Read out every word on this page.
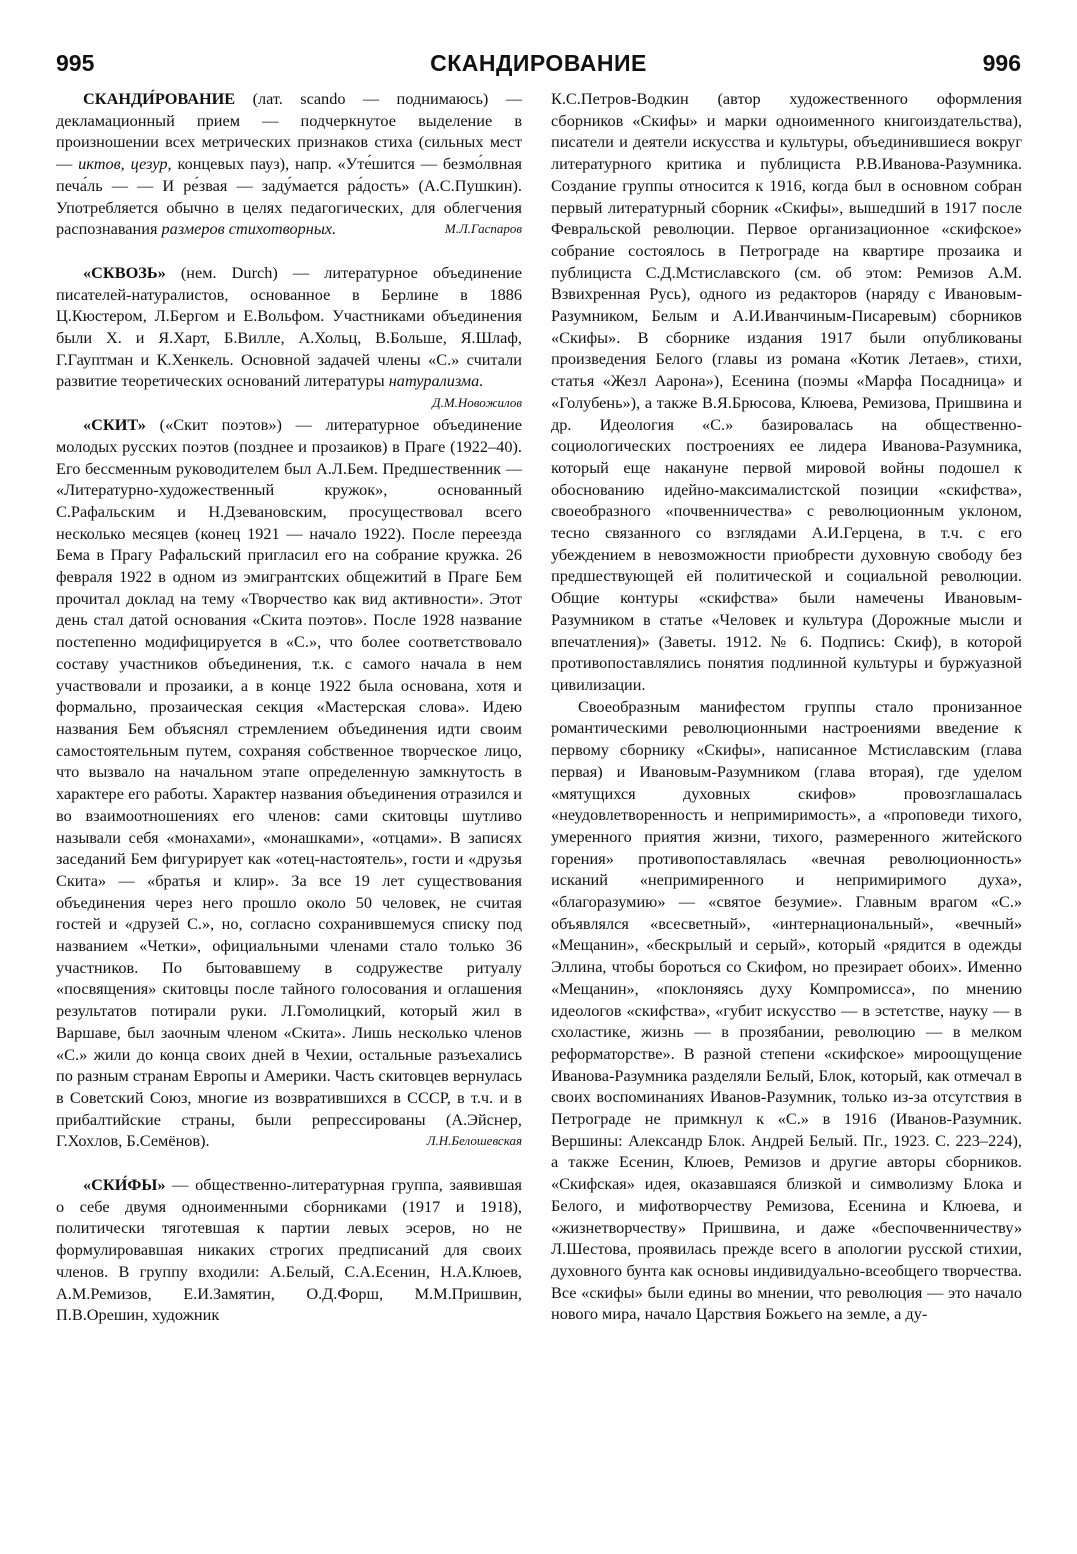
995	СКАНДИРОВАНИЕ	996

СКАНДИ́РОВАНИЕ (лат. scando — поднимаюсь) — декламационный прием — подчеркнутое выделение в произношении всех метрических признаков стиха (сильных мест — иктов, цезур, концевых пауз), напр. «Уте́шится — безмо́лвная печа́ль — — И ре́звая — заду́мается ра́дость» (А.С.Пушкин). Употребляется обычно в целях педагогических, для облегчения распознавания размеров стихотворных.	М.Л.Гаспаров

«СКВОЗЬ» (нем. Durch) — литературное объединение писателей-натуралистов, основанное в Берлине в 1886 Ц.Кюстером, Л.Бергом и Е.Вольфом. Участниками объединения были Х. и Я.Харт, Б.Вилле, А.Хольц, В.Больше, Я.Шлаф, Г.Гауптман и К.Хенкель. Основной задачей члены «С.» считали развитие теоретических оснований литературы натурализма.
Д.М.Новожилов

«СКИТ» («Скит поэтов») — литературное объединение молодых русских поэтов (позднее и прозаиков) в Праге (1922–40). Его бессменным руководителем был А.Л.Бем. Предшественник — «Литературно-художественный кружок», основанный С.Рафальским и Н.Дзевановским, просуществовал всего несколько месяцев (конец 1921 — начало 1922). После переезда Бема в Прагу Рафальский пригласил его на собрание кружка. 26 февраля 1922 в одном из эмигрантских общежитий в Праге Бем прочитал доклад на тему «Творчество как вид активности». Этот день стал датой основания «Скита поэтов». После 1928 название постепенно модифицируется в «С.», что более соответствовало составу участников объединения, т.к. с самого начала в нем участвовали и прозаики, а в конце 1922 была основана, хотя и формально, прозаическая секция «Мастерская слова». Идею названия Бем объяснял стремлением объединения идти своим самостоятельным путем, сохраняя собственное творческое лицо, что вызвало на начальном этапе определенную замкнутость в характере его работы. Характер названия объединения отразился и во взаимоотношениях его членов: сами скитовцы шутливо называли себя «монахами», «монашками», «отцами». В записях заседаний Бем фигурирует как «отец-настоятель», гости и «друзья Скита» — «братья и клир». За все 19 лет существования объединения через него прошло около 50 человек, не считая гостей и «друзей С.», но, согласно сохранившемуся списку под названием «Четки», официальными членами стало только 36 участников. По бытовавшему в содружестве ритуалу «посвящения» скитовцы после тайного голосования и оглашения результатов потирали руки. Л.Гомолицкий, который жил в Варшаве, был заочным членом «Скита». Лишь несколько членов «С.» жили до конца своих дней в Чехии, остальные разъехались по разным странам Европы и Америки. Часть скитовцев вернулась в Советский Союз, многие из возвратившихся в СССР, в т.ч. и в прибалтийские страны, были репрессированы (А.Эйснер, Г.Хохлов, Б.Семёнов).	Л.Н.Белошевская

«СКИ́ФЫ» — общественно-литературная группа, заявившая о себе двумя одноименными сборниками (1917 и 1918), политически тяготевшая к партии левых эсеров, но не формулировавшая никаких строгих предписаний для своих членов. В группу входили: А.Белый, С.А.Есенин, Н.А.Клюев, А.М.Ремизов, Е.И.Замятин, О.Д.Форш, М.М.Пришвин, П.В.Орешин, художник

К.С.Петров-Водкин (автор художественного оформления сборников «Скифы» и марки одноименного книгоиздательства), писатели и деятели искусства и культуры, объединившиеся вокруг литературного критика и публициста Р.В.Иванова-Разумника. Создание группы относится к 1916, когда был в основном собран первый литературный сборник «Скифы», вышедший в 1917 после Февральской революции. Первое организационное «скифское» собрание состоялось в Петрограде на квартире прозаика и публициста С.Д.Мстиславского (см. об этом: Ремизов А.М. Взвихренная Русь), одного из редакторов (наряду с Ивановым-Разумником, Белым и А.И.Иванчиным-Писаревым) сборников «Скифы». В сборнике издания 1917 были опубликованы произведения Белого (главы из романа «Котик Летаев», стихи, статья «Жезл Аарона»), Есенина (поэмы «Марфа Посадница» и «Голубень»), а также В.Я.Брюсова, Клюева, Ремизова, Пришвина и др. Идеология «С.» базировалась на общественно-социологических построениях ее лидера Иванова-Разумника, который еще накануне первой мировой войны подошел к обоснованию идейно-максималистской позиции «скифства», своеобразного «почвенничества» с революционным уклоном, тесно связанного со взглядами А.И.Герцена, в т.ч. с его убеждением в невозможности приобрести духовную свободу без предшествующей ей политической и социальной революции. Общие контуры «скифства» были намечены Ивановым-Разумником в статье «Человек и культура (Дорожные мысли и впечатления)» (Заветы. 1912. № 6. Подпись: Скиф), в которой противопоставлялись понятия подлинной культуры и буржуазной цивилизации.

Своеобразным манифестом группы стало пронизанное романтическими революционными настроениями введение к первому сборнику «Скифы», написанное Мстиславским (глава первая) и Ивановым-Разумником (глава вторая), где уделом «мятущихся духовных скифов» провозглашалась «неудовлетворенность и непримиримость», а «проповеди тихого, умеренного приятия жизни, тихого, размеренного житейского горения» противопоставлялась «вечная революционность» исканий «непримиренного и непримиримого духа», «благоразумию» — «святое безумие». Главным врагом «С.» объявлялся «всесветный», «интернациональный», «вечный» «Мещанин», «бескрылый и серый», который «рядится в одежды Эллина, чтобы бороться со Скифом, но презирает обоих». Именно «Мещанин», «поклоняясь духу Компромисса», по мнению идеологов «скифства», «губит искусство — в эстетстве, науку — в схоластике, жизнь — в прозябании, революцию — в мелком реформаторстве». В разной степени «скифское» мироощущение Иванова-Разумника разделяли Белый, Блок, который, как отмечал в своих воспоминаниях Иванов-Разумник, только из-за отсутствия в Петрограде не примкнул к «С.» в 1916 (Иванов-Разумник. Вершины: Александр Блок. Андрей Белый. Пг., 1923. С. 223–224), а также Есенин, Клюев, Ремизов и другие авторы сборников. «Скифская» идея, оказавшаяся близкой и символизму Блока и Белого, и мифотворчеству Ремизова, Есенина и Клюева, и «жизнетворчеству» Пришвина, и даже «беспочвенничеству» Л.Шестова, проявилась прежде всего в апологии русской стихии, духовного бунта как основы индивидуально-всеобщего творчества. Все «скифы» были едины во мнении, что революция — это начало нового мира, начало Царствия Божьего на земле, а ду-
